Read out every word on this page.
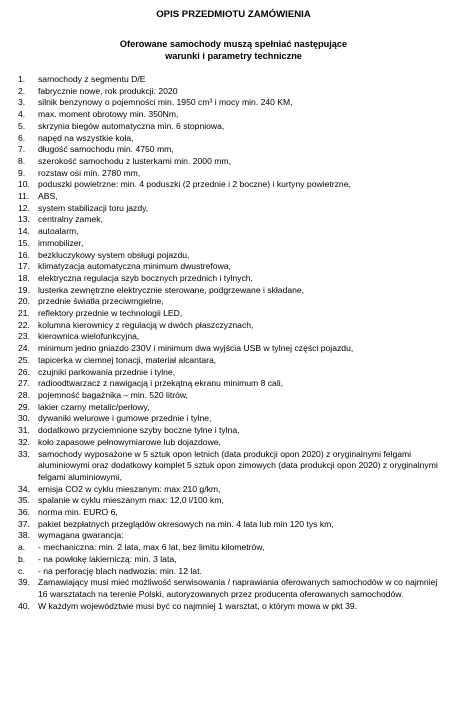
OPIS PRZEDMIOTU ZAMÓWIENIA
Oferowane samochody muszą spełniać następujące
warunki i parametry techniczne
1.	samochody z segmentu D/E
2.	fabrycznie nowe, rok produkcji: 2020
3.	silnik benzynowy o pojemności min. 1950 cm³ i mocy min. 240 KM,
4.	max. moment obrotowy min. 350Nm,
5.	skrzynia biegów automatyczna min. 6 stopniowa,
6.	napęd na wszystkie koła,
7.	długość samochodu min. 4750 mm,
8.	szerokość samochodu z lusterkami min. 2000 mm,
9.	rozstaw osi min. 2780 mm,
10. poduszki powietrzne: min. 4 poduszki (2 przednie i 2 boczne) i kurtyny powietrzne,
11.	ABS,
12. system stabilizacji toru jazdy,
13. centralny zamek,
14. autoalarm,
15. immobilizer,
16. bezkluczykowy system obsługi pojazdu,
17. klimatyzacja automatyczna minimum dwustrefowa,
18. elektryczna regulacja szyb bocznych przednich i tylnych,
19. lusterka zewnętrzne elektrycznie sterowane, podgrzewane i składane,
20. przednie światła przeciwmgielne,
21. reflektory przednie w technologii LED,
22. kolumna kierownicy z regulacją w dwóch płaszczyznach,
23. kierownica wielofunkcyjna,
24. minimum jedno gniazdo 230V i minimum dwa wyjścia USB w tylnej części pojazdu,
25. tapicerka w ciemnej tonacji, materiał alcantara,
26. czujniki parkowania przednie i tylne,
27. radioodtwarzacz z nawigacją i przekątną ekranu minimum 8 cali,
28. pojemność bagażnika – min. 520 litrów,
29. lakier czarny metalic/perłowy,
30. dywaniki welurowe i gumowe przednie i tylne,
31. dodatkowo przyciemnione szyby boczne tylne i tylna,
32. koło zapasowe pełnowymiarowe lub dojazdowe,
33. samochody wyposażone w 5 sztuk opon letnich (data produkcji opon 2020) z oryginalnymi felgami aluminiowymi oraz dodatkowy komplet 5 sztuk opon zimowych (data produkcji opon 2020) z oryginalnymi felgami aluminiowymi,
34. emisja CO2 w cyklu mieszanym: max 210 g/km,
35. spalanie w cyklu mieszanym max: 12,0 l/100 km,
36. norma min. EURO 6,
37. pakiet bezpłatnych przeglądów okresowych na min. 4 lata lub min 120 tys km,
38. wymagana gwarancja:
a.	- mechaniczna: min. 2 lata, max 6 lat, bez limitu kilometrów,
b.	- na powłokę lakierniczą: min. 3 lata,
c.	- na perforację blach nadwozia: min. 12 lat.
39. Zamawiający musi mieć możliwość serwisowania / naprawiania oferowanych samochodów w co najmniej 16 warsztatach na terenie Polski, autoryzowanych przez producenta oferowanych samochodów.
40. W każdym województwie musi być co najmniej 1 warsztat, o którym mowa w pkt 39.
